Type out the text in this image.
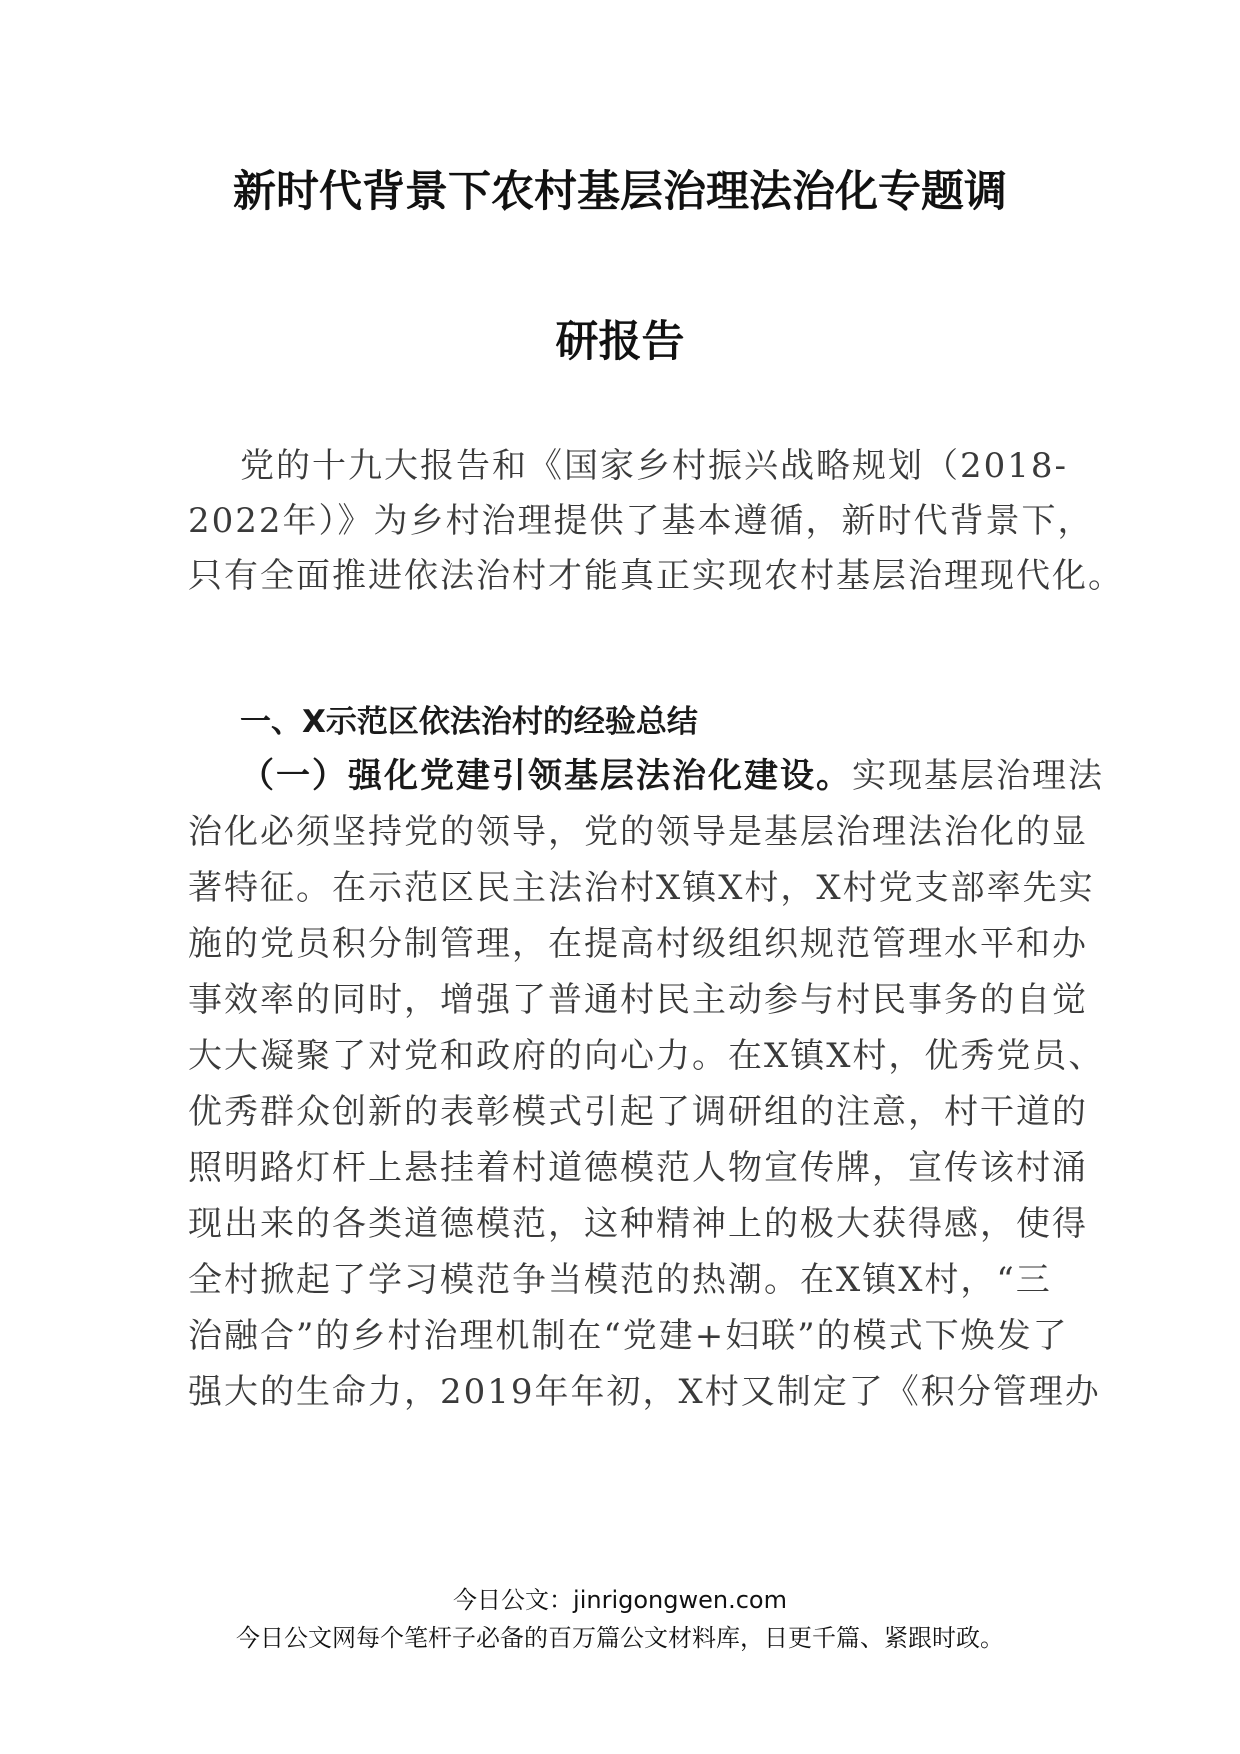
新时代背景下农村基层治理法治化专题调
研报告
党的十九大报告和《国家乡村振兴战略规划（2018-
2022年）》为乡村治理提供了基本遵循，新时代背景下，
只有全面推进依法治村才能真正实现农村基层治理现代化。
一、X示范区依法治村的经验总结
（一）强化党建引领基层法治化建设。实现基层治理法
治化必须坚持党的领导，党的领导是基层治理法治化的显
著特征。在示范区民主法治村X镇X村，X村党支部率先实
施的党员积分制管理，在提高村级组织规范管理水平和办
事效率的同时，增强了普通村民主动参与村民事务的自觉
大大凝聚了对党和政府的向心力。在X镇X村，优秀党员、
优秀群众创新的表彰模式引起了调研组的注意，村干道的
照明路灯杆上悬挂着村道德模范人物宣传牌，宣传该村涌
现出来的各类道德模范，这种精神上的极大获得感，使得
全村掀起了学习模范争当模范的热潮。在X镇X村，“三
治融合”的乡村治理机制在“党建+妇联”的模式下焕发了
强大的生命力，2019年年初，X村又制定了《积分管理办
今日公文：jinrigongwen.com
今日公文网每个笔杆子必备的百万篇公文材料库，日更千篇、紧跟时政。
